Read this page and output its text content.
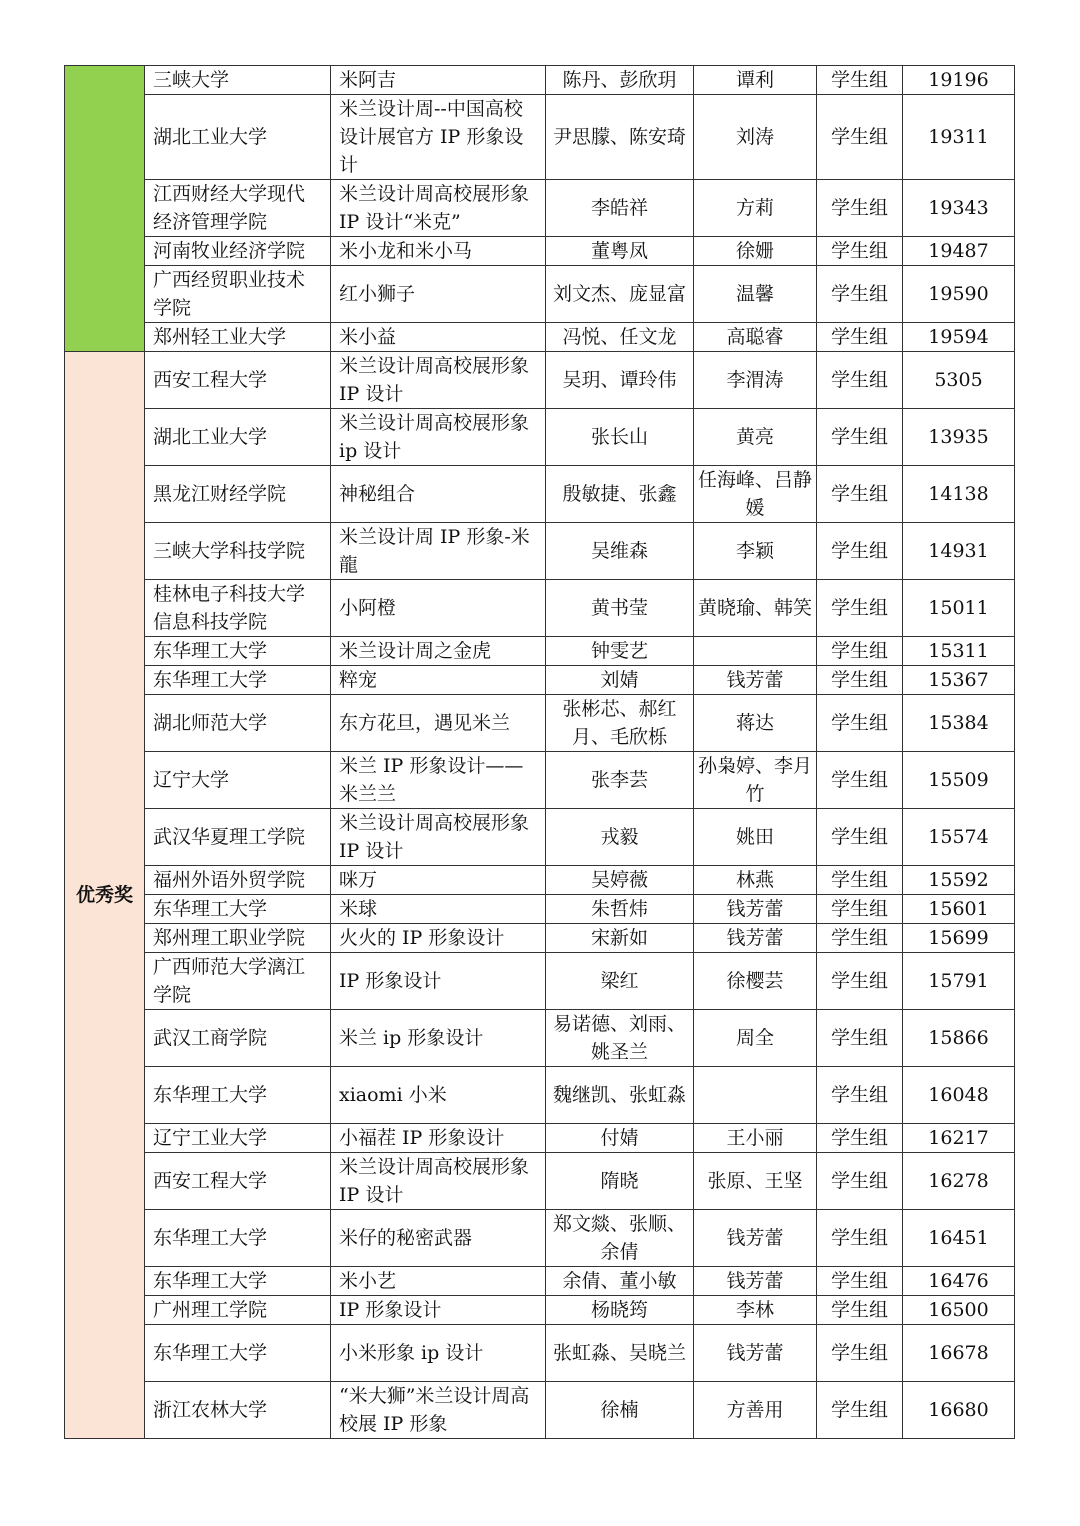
	三峡大学	米阿吉	陈丹、彭欣玥	谭利	学生组	19196
	湖北工业大学	米兰设计周--中国高校设计展官方 IP 形象设计	尹思朦、陈安琦	刘涛	学生组	19311
	江西财经大学现代经济管理学院	米兰设计周高校展形象 IP 设计“米克”	李皓祥	方莉	学生组	19343
	河南牧业经济学院	米小龙和米小马	董粤凤	徐姗	学生组	19487
	广西经贸职业技术学院	红小狮子	刘文杰、庞显富	温馨	学生组	19590
	郑州轻工业大学	米小益	冯悦、任文龙	高聪睿	学生组	19594
优秀奖	西安工程大学	米兰设计周高校展形象 IP 设计	吴玥、谭玲伟	李渭涛	学生组	5305
	湖北工业大学	米兰设计周高校展形象 ip 设计	张长山	黄亮	学生组	13935
	黑龙江财经学院	神秘组合	殷敏捷、张鑫	任海峰、吕静媛	学生组	14138
	三峡大学科技学院	米兰设计周 IP 形象-米龍	吴维森	李颖	学生组	14931
	桂林电子科技大学信息科技学院	小阿橙	黄书莹	黄晓瑜、韩笑	学生组	15011
	东华理工大学	米兰设计周之金虎	钟雯艺		学生组	15311
	东华理工大学	粹宠	刘婧	钱芳蕾	学生组	15367
	湖北师范大学	东方花旦，遇见米兰	张彬芯、郝红月、毛欣栎	蒋达	学生组	15384
	辽宁大学	米兰 IP 形象设计——米兰兰	张李芸	孙枭婷、李月竹	学生组	15509
	武汉华夏理工学院	米兰设计周高校展形象 IP 设计	戎毅	姚田	学生组	15574
	福州外语外贸学院	咪万	吴婷薇	林燕	学生组	15592
	东华理工大学	米球	朱哲炜	钱芳蕾	学生组	15601
	郑州理工职业学院	火火的 IP 形象设计	宋新如	钱芳蕾	学生组	15699
	广西师范大学漓江学院	IP 形象设计	梁红	徐樱芸	学生组	15791
	武汉工商学院	米兰 ip 形象设计	易诺德、刘雨、姚圣兰	周全	学生组	15866
	东华理工大学	xiaomi 小米	魏继凯、张虹淼		学生组	16048
	辽宁工业大学	小福茬 IP 形象设计	付婧	王小丽	学生组	16217
	西安工程大学	米兰设计周高校展形象 IP 设计	隋晓	张原、王坚	学生组	16278
	东华理工大学	米仔的秘密武器	郑文燚、张顺、余倩	钱芳蕾	学生组	16451
	东华理工大学	米小艺	余倩、董小敏	钱芳蕾	学生组	16476
	广州理工学院	IP 形象设计	杨晓筠	李林	学生组	16500
	东华理工大学	小米形象 ip 设计	张虹淼、吴晓兰	钱芳蕾	学生组	16678
	浙江农林大学	“米大狮”米兰设计周高校展 IP 形象	徐楠	方善用	学生组	16680
